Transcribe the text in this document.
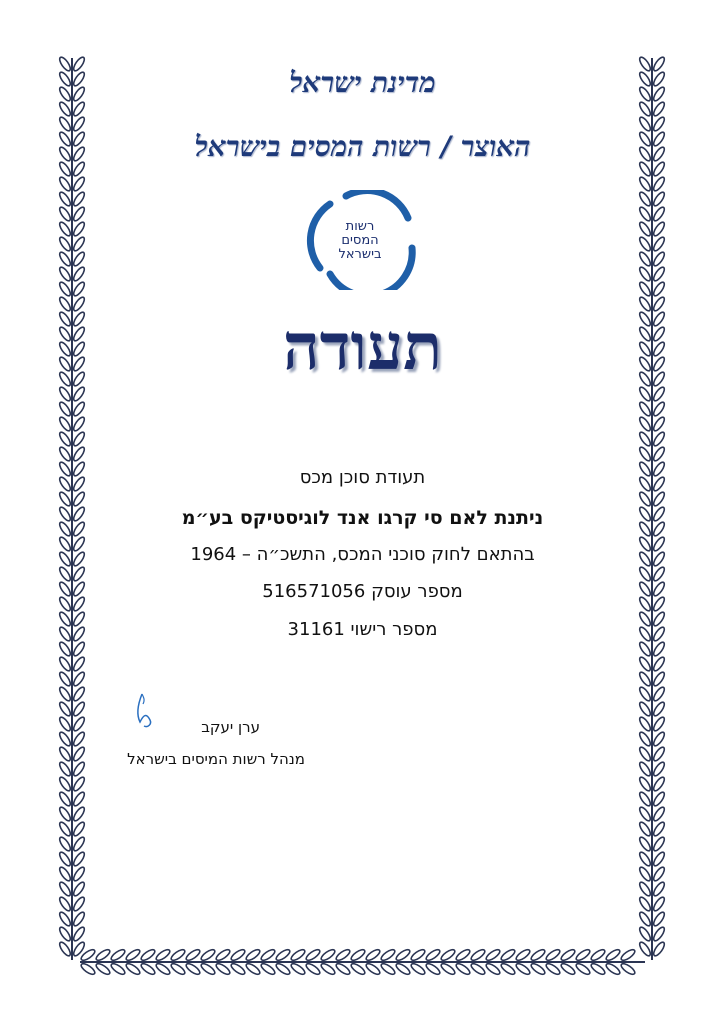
מדינת ישראל
האוצר / רשות המסים בישראל
רשות
המסים
בישראל
תעודה
תעודת סוכן מכס
ניתנת לאם סי קרגו אנד לוגיסטיקס בע״מ
בהתאם לחוק סוכני המכס, התשכ״ה – 1964
מספר עוסק 516571056
מספר רישוי 31161
ערן יעקב
מנהל רשות המיסים בישראל
